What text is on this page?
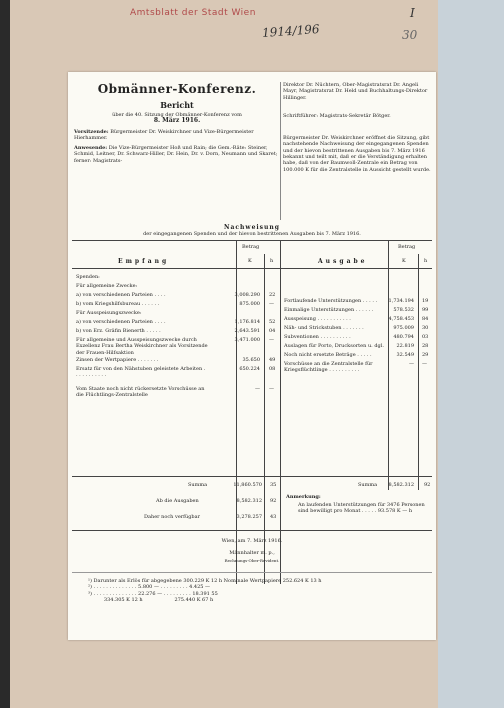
Amtsblatt der Stadt Wien
1914/196
I
30
Obmänner-Konferenz.
Bericht
über die 40. Sitzung der Obmänner-Konferenz vom
8. März 1916.
Vorsitzende: Bürgermeister Dr. Weiskirchner und Vize-Bürgermeister Hierhammer.
Anwesende: Die Vize-Bürgermeister Hoß und Rain; die Gem.-Räte: Steiner, Schmid, Leitner, Dr. Schwarz-Hiller, Dr. Hein, Dr. v. Dorn, Neumann und Skaret; ferner: Magistrats-
Direktor Dr. Nüchtern, Ober-Magistratsrat Dr. Angeli Mayr, Magistratsrat Dr. Held und Buchhaltungs-Direktor Hillinger.
Schriftführer: Magistrats-Sekretär Bötger.
Bürgermeister Dr. Weiskirchner eröffnet die Sitzung, gibt nachstehende Nachweisung der eingegangenen Spenden und der hievon bestrittenen Ausgaben bis 7. März 1916 bekannt und teilt mit, daß er die Verständigung erhalten habe, daß von der Baumwoll-Zentrale ein Betrag von 100.000 K für die Zentralstelle in Aussicht gestellt wurde.
Nachweisung
der eingegangenen Spenden und der hievon bestrittenen Ausgaben bis 7. März 1916.
Empfang	Ausgabe
Betrag	Betrag
K	h	K	h
Spenden:
Für allgemeine Zwecke:
a) von verschiedenen Parteien . . . .	3,008.290 22
b) vom Kriegshilfsbureau . . . . . .	875.000 —
Für Ausspeisungszwecke:
a) von verschiedenen Parteien . . . .	1,176.814 52
b) von Erz. Gräfin Bienerth . . . . .	2,643.591 04
Für allgemeine und Ausspeisungszwecke durch Exzellenz Frau Bertha Weiskirchner als Vorsitzende der Frauen-Hilfsaktion
3,471.000 —
Zinsen der Wertpapiere . . . . . . .	35.650 49
Ersatz für von den Nähstuben geleistete Arbeiten . . . . . . . . . . .
650.224 08
Vom Staate noch nicht rückersetzte Vorschüsse an die Flüchtlings-Zentralstelle
— —
Fortlaufende Unterstützungen . . . . .	1,734.194 19
Einmalige Unterstützungen . . . . . .	578.532 99
Ausspeisung . . . . . . . . . . .	4,758.453 84
Näh- und Strickstuben . . . . . . .	975.009 30
Subventionen . . . . . . . . . .	480.794 03
Auslagen für Porto, Drucksorten u. dgl.	22.819 28
Noch nicht ersetzte Beträge . . . . .	32.549 29
Vorschüsse an die Zentralstelle für Kriegsflüchtlinge . . . . . . . . . .
— —
Summa	11,860.570 35
Ab die Ausgaben	8,582.312 92
Daher noch verfügbar	3,278.257 43
Summa	8,582.312 92
Anmerkung:
An laufenden Unterstützungen für 3476 Personen sind bewilligt pro Monat . . . . . 93.578 K — h
Wien, am 7. März 1916.
Männhalter m. p.,
Rechnungs-Ober-Revident.
¹) Darunter als Erlös für abgegebene 300.229 K 12 h Nominale Wertpapiere 252.624 K 13 h
²) . . . . . . . . . . . . . . 5.800 — . . . . . . . . . 4.425 —
³) . . . . . . . . . . . . . . 22.276 — . . . . . . . . . 18.391 55
334.305 K 12 h                    275.440 K 67 h
